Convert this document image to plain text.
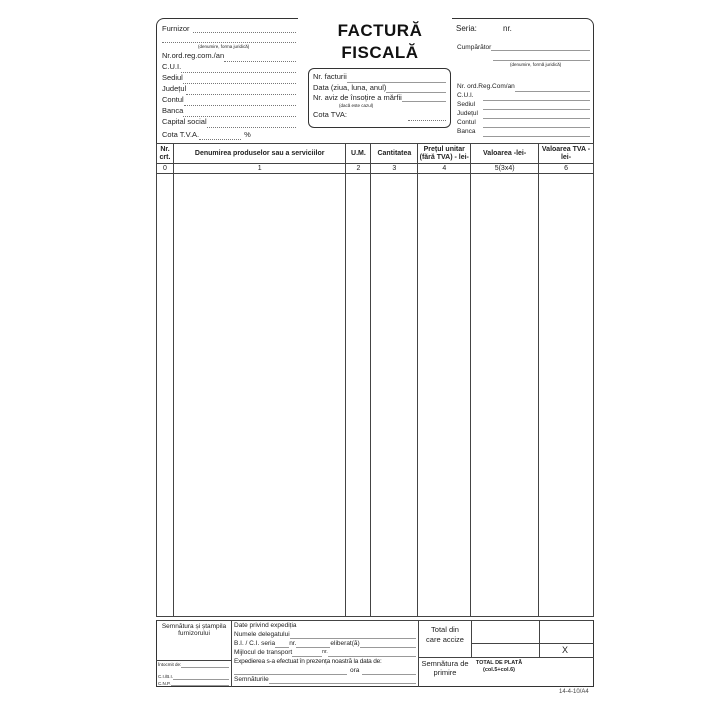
Furnizor
(denumire, forma juridică)
Nr.ord.reg.com./an
C.U.I.
Sediul
Județul
Contul
Banca
Capital social
Cota T.V.A.	%
FACTURĂ
FISCALĂ
Nr. facturii
Data (ziua, luna, anul)
Nr. aviz de însoțire a mărfii
(dacă este cazul)
Cota TVA:
Seria:	nr.
Cumpărător
(denumire, formă juridică)
Nr. ord.Reg.Com/an
C.U.I.
Sediul
Județul
Contul
Banca
Nr. crt.	Denumirea produselor sau a serviciilor	U.M.	Cantitatea	Prețul unitar (fără TVA) - lei-	Valoarea -lei-	Valoarea TVA -lei-
0	1	2	3	4	5(3x4)	6

Semnătura și ștampila furnizorului
Întocmit de:
C.I./B.I.
C.N.P.
Date privind expediția
Numele delegatului
B.I. / C.I. seria nr.	eliberat(ă)
Mijlocul de transport	nr.
Expedierea s-a efectuat în prezența noastră la data de:
ora
Semnăturile
Total din care accize
X
Semnătura de primire
TOTAL DE PLATĂ (col.5+col.6)
14-4-10/A4
